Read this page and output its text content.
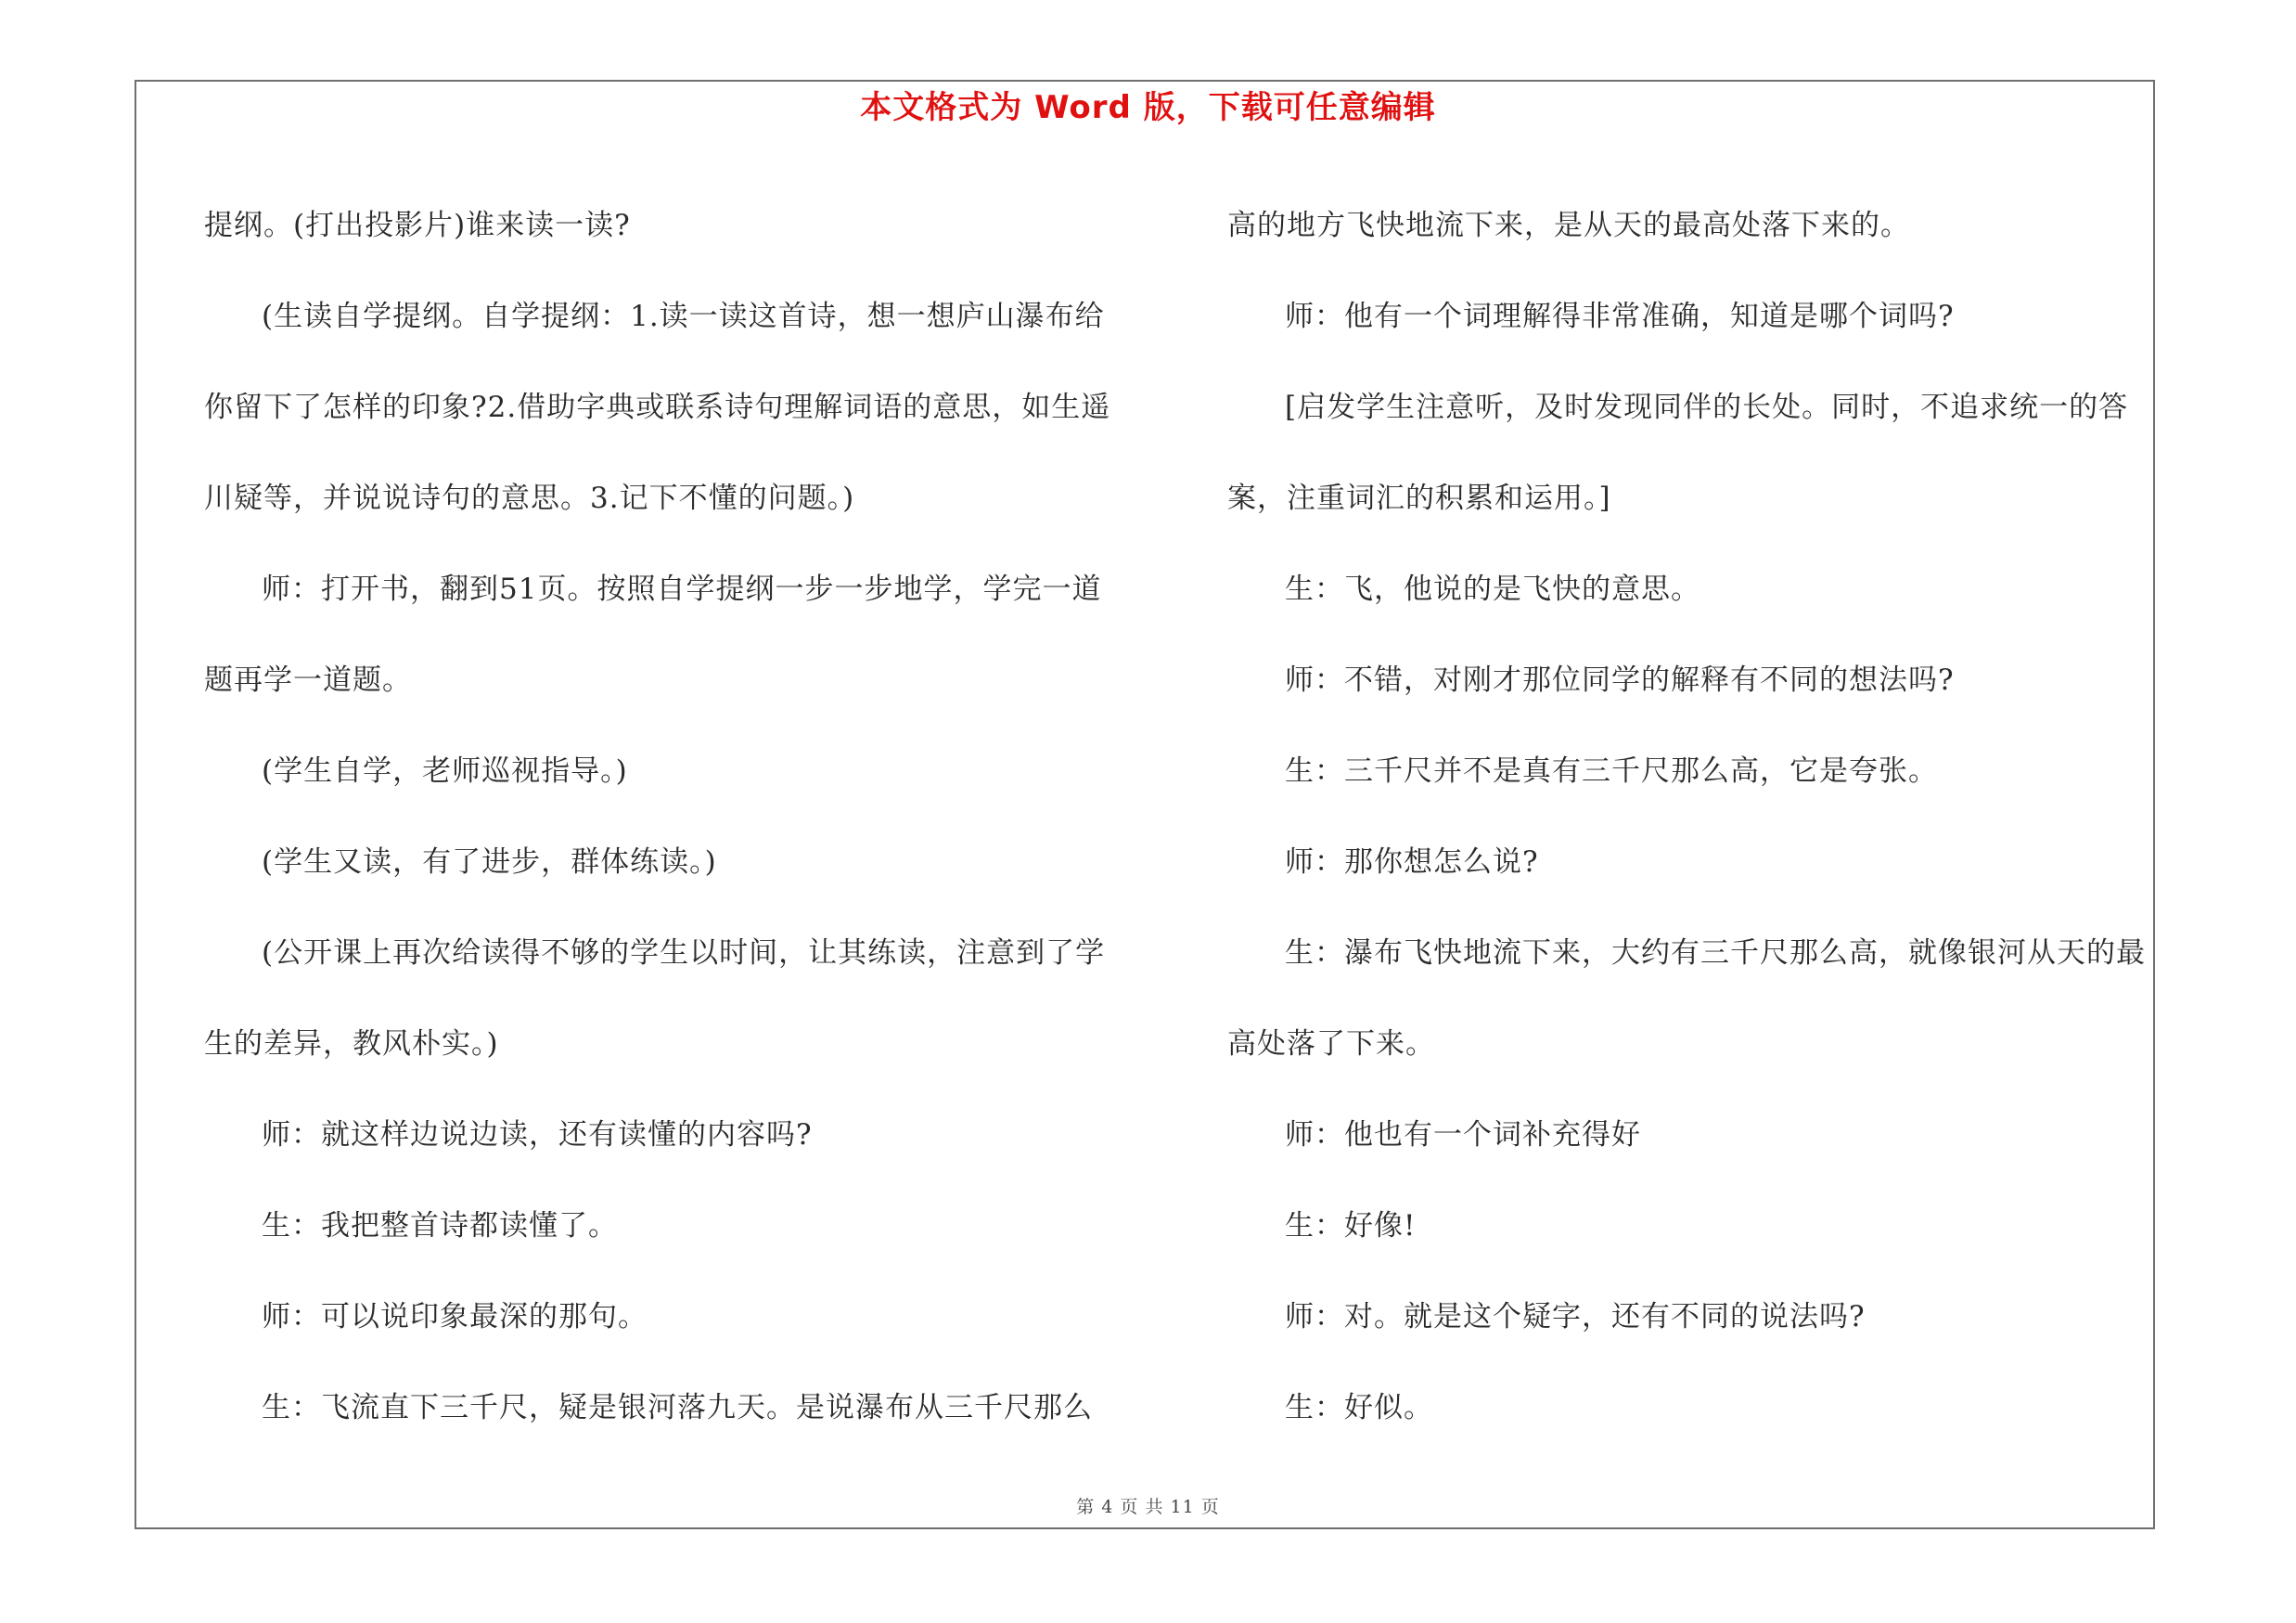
本文格式为 Word 版，下载可任意编辑

提纲。(打出投影片)谁来读一读?

(生读自学提纲。自学提纲：1.读一读这首诗，想一想庐山瀑布给你留下了怎样的印象?2.借助字典或联系诗句理解词语的意思，如生遥川疑等，并说说诗句的意思。3.记下不懂的问题。)

师：打开书，翻到51页。按照自学提纲一步一步地学，学完一道题再学一道题。

(学生自学，老师巡视指导。)

(学生又读，有了进步，群体练读。)

(公开课上再次给读得不够的学生以时间，让其练读，注意到了学生的差异，教风朴实。)

师：就这样边说边读，还有读懂的内容吗?

生：我把整首诗都读懂了。

师：可以说印象最深的那句。

生：飞流直下三千尺，疑是银河落九天。是说瀑布从三千尺那么

高的地方飞快地流下来，是从天的最高处落下来的。

师：他有一个词理解得非常准确，知道是哪个词吗?

[启发学生注意听，及时发现同伴的长处。同时，不追求统一的答案，注重词汇的积累和运用。]

生：飞，他说的是飞快的意思。

师：不错，对刚才那位同学的解释有不同的想法吗?

生：三千尺并不是真有三千尺那么高，它是夸张。

师：那你想怎么说?

生：瀑布飞快地流下来，大约有三千尺那么高，就像银河从天的最高处落了下来。

师：他也有一个词补充得好

生：好像!

师：对。就是这个疑字，还有不同的说法吗?

生：好似。

第 4 页 共 11 页
